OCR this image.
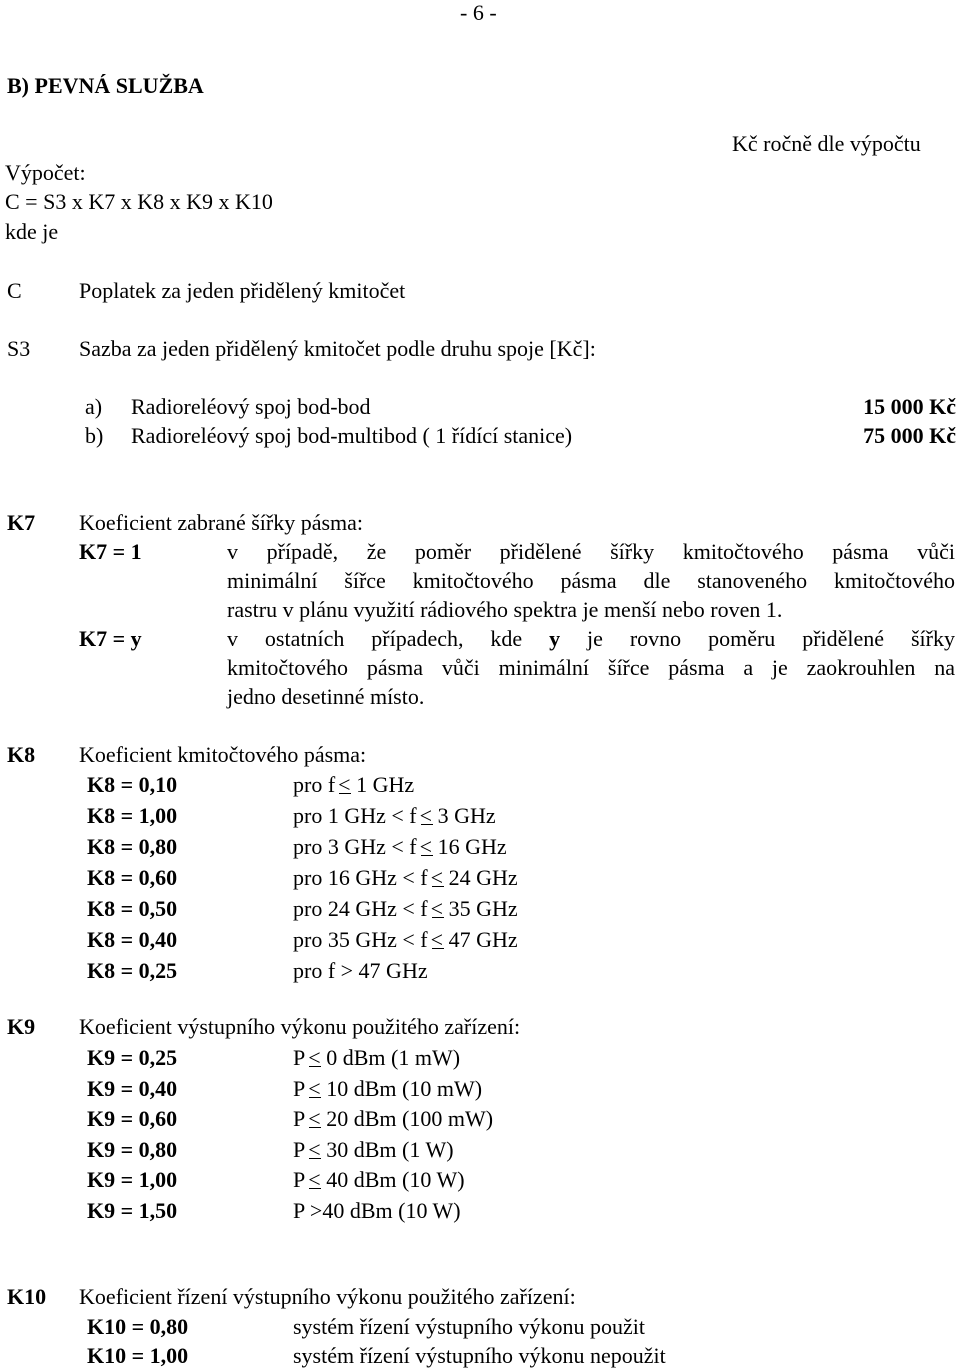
- 6 -
B) PEVNÁ SLUŽBA
Kč ročně dle výpočtu
Výpočet:
C = S3 x K7 x K8 x K9 x K10
kde je
C	Poplatek za jeden přidělený kmitočet
S3 Sazba za jeden přidělený kmitočet podle druhu spoje [Kč]:
a) Radioreléový spoj bod-bod	15 000 Kč
b) Radioreléový spoj bod-multibod ( 1 řídící stanice)	75 000 Kč
K7 Koeficient zabrané šířky pásma:
K7 = 1	v případě, že poměr přidělené šířky kmitočtového pásma vůči
minimální šířce kmitočtového pásma dle stanoveného kmitočtového
rastru v plánu využití rádiového spektra je menší nebo roven 1.
K7 = y	v ostatních případech, kde y je rovno poměru přidělené šířky
kmitočtového pásma vůči minimální šířce pásma a je zaokrouhlen na
jedno desetinné místo.
K8 Koeficient kmitočtového pásma:
K8 = 0,10	pro f < 1 GHz
K8 = 1,00	pro 1 GHz < f < 3 GHz
K8 = 0,80	pro 3 GHz < f < 16 GHz
K8 = 0,60	pro 16 GHz < f < 24 GHz
K8 = 0,50	pro 24 GHz < f < 35 GHz
K8 = 0,40	pro 35 GHz < f < 47 GHz
K8 = 0,25	pro f > 47 GHz
K9 Koeficient výstupního výkonu použitého zařízení:
K9 = 0,25	P < 0 dBm (1 mW)
K9 = 0,40	P < 10 dBm (10 mW)
K9 = 0,60	P < 20 dBm (100 mW)
K9 = 0,80	P < 30 dBm (1 W)
K9 = 1,00	P < 40 dBm (10 W)
K9 = 1,50	P >40 dBm (10 W)
K10 Koeficient řízení výstupního výkonu použitého zařízení:
K10 = 0,80	systém řízení výstupního výkonu použit
K10 = 1,00	systém řízení výstupního výkonu nepoužit
